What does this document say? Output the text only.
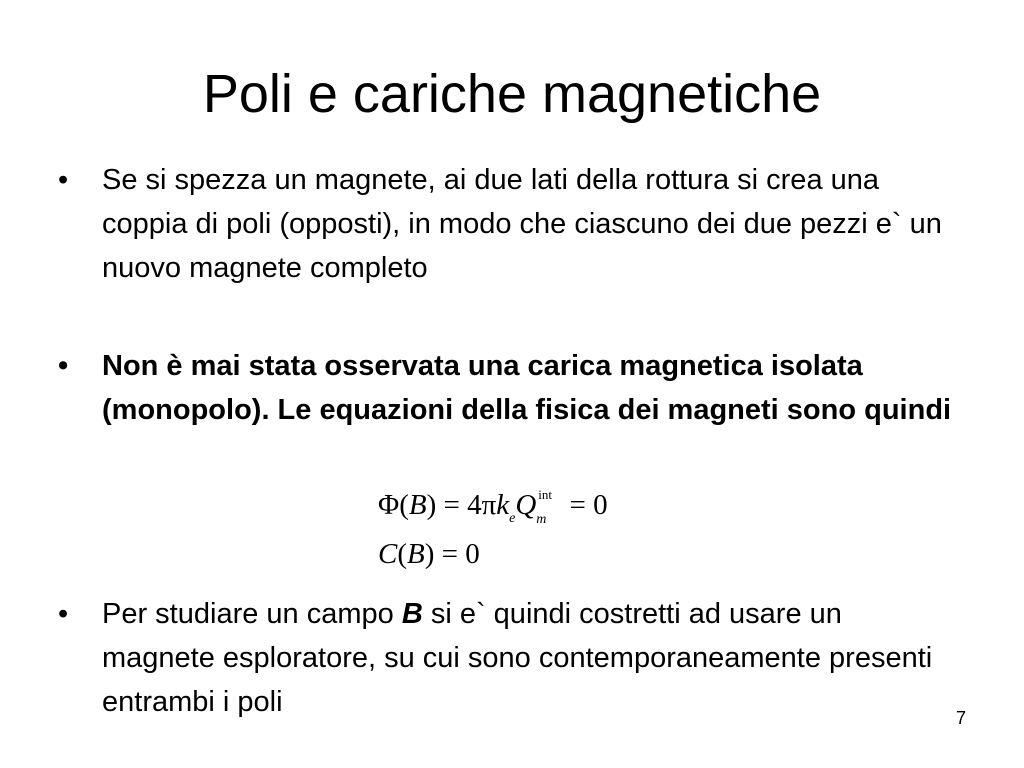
Poli e cariche magnetiche
• Se si spezza un magnete, ai due lati della rottura si crea una coppia di poli (opposti), in modo che ciascuno dei due pezzi e` un nuovo magnete completo
• Non è mai stata osservata una carica magnetica isolata (monopolo). Le equazioni della fisica dei magneti sono quindi
$\Phi(B) = 4\pi k_eQ$ int
m = 0
C(B) = 0
• Per studiare un campo B si e` quindi costretti ad usare un magnete esploratore, su cui sono contemporaneamente presenti entrambi i poli	7
